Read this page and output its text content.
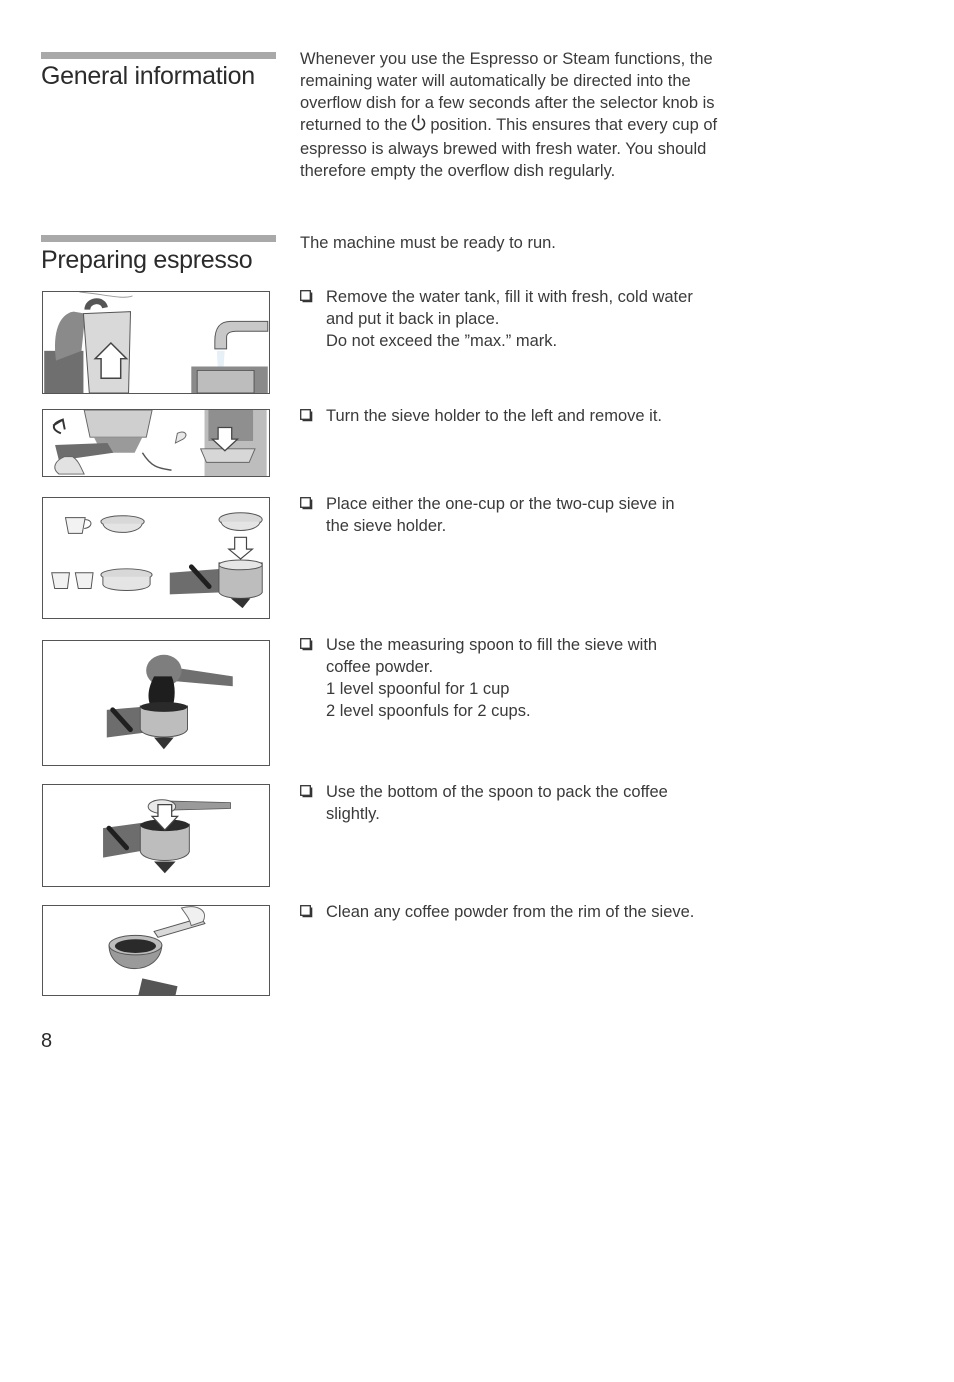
General information

Whenever you use the Espresso or Steam functions, the remaining water will automatically be directed into the overflow dish for a few seconds after the selector knob is returned to the position. This ensures that every cup of espresso is always brewed with fresh water. You should therefore empty the overflow dish regularly.

Preparing espresso

The machine must be ready to run.

Remove the water tank, fill it with fresh, cold water
and put it back in place.
Do not exceed the ”max.” mark.
Turn the sieve holder to the left and remove it.
Place either the one-cup or the two-cup sieve in
the sieve holder.
Use the measuring spoon to fill the sieve with
coffee powder.
1 level spoonful for 1 cup
2 level spoonfuls for 2 cups.
Use the bottom of the spoon to pack the coffee
slightly.
Clean any coffee powder from the rim of the sieve.
8
